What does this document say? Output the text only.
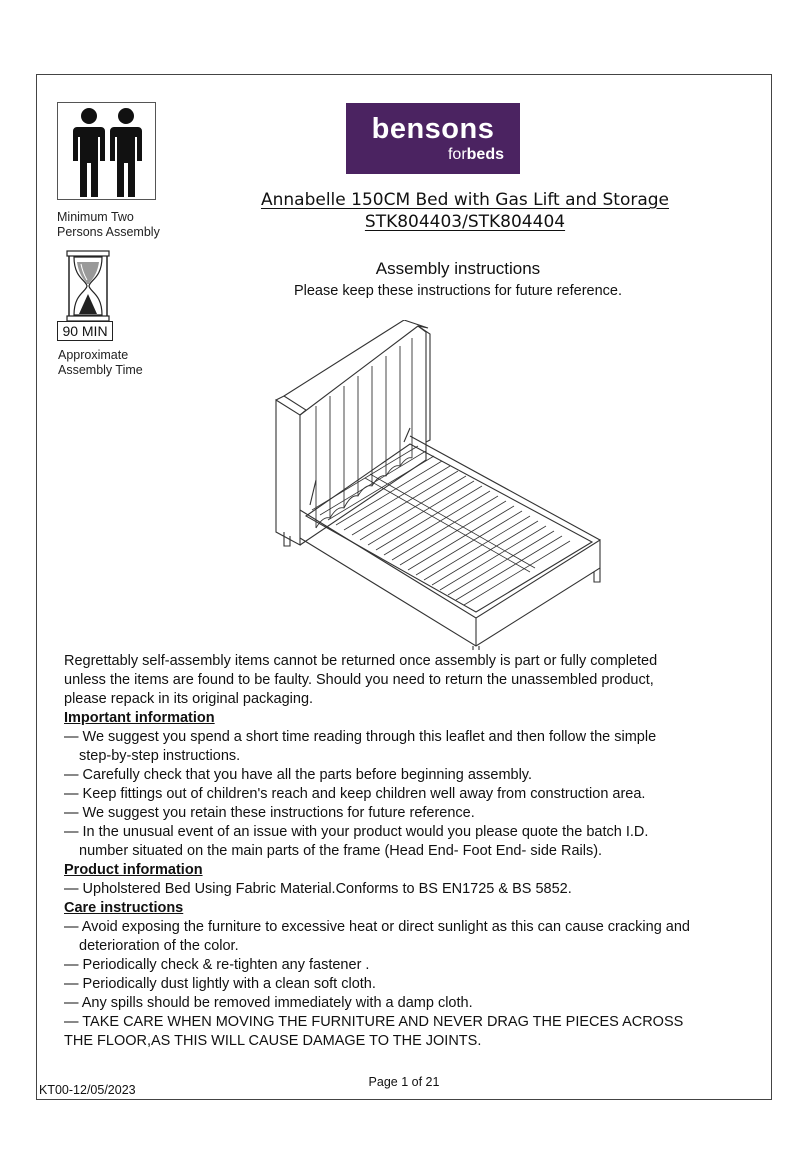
Minimum Two
Persons Assembly
90 MIN
Approximate
Assembly Time
bensons
forbeds
Annabelle 150CM Bed with Gas Lift and Storage
STK804403/STK804404
Assembly instructions
Please keep these instructions for future reference.

Regrettably self-assembly items cannot be returned once assembly is part or fully completed

unless the items are found to be faulty. Should you need to return the unassembled product,

please repack in its original packaging.

Important information

— We suggest you spend a short time reading through this leaflet and then follow the simple

step-by-step instructions.

— Carefully check that you have all the parts before beginning assembly.

— Keep fittings out of children's reach and keep children well away from construction area.

— We suggest you retain these instructions for future reference.

— In the unusual event of an issue with your product would you please quote the batch I.D.

number situated on the main parts of the frame (Head End- Foot End- side Rails).

Product information

— Upholstered Bed Using Fabric Material.Conforms to BS EN1725 & BS 5852.

Care instructions

— Avoid exposing the furniture to excessive heat or direct sunlight as this can cause cracking and

deterioration of the color.

— Periodically check & re-tighten any fastener .

— Periodically dust lightly with a clean soft cloth.

— Any spills should be removed immediately with a damp cloth.

— TAKE CARE WHEN MOVING THE FURNITURE AND NEVER DRAG THE PIECES ACROSS

THE FLOOR,AS THIS WILL CAUSE DAMAGE TO THE JOINTS.

Page 1 of 21
KT00-12/05/2023
